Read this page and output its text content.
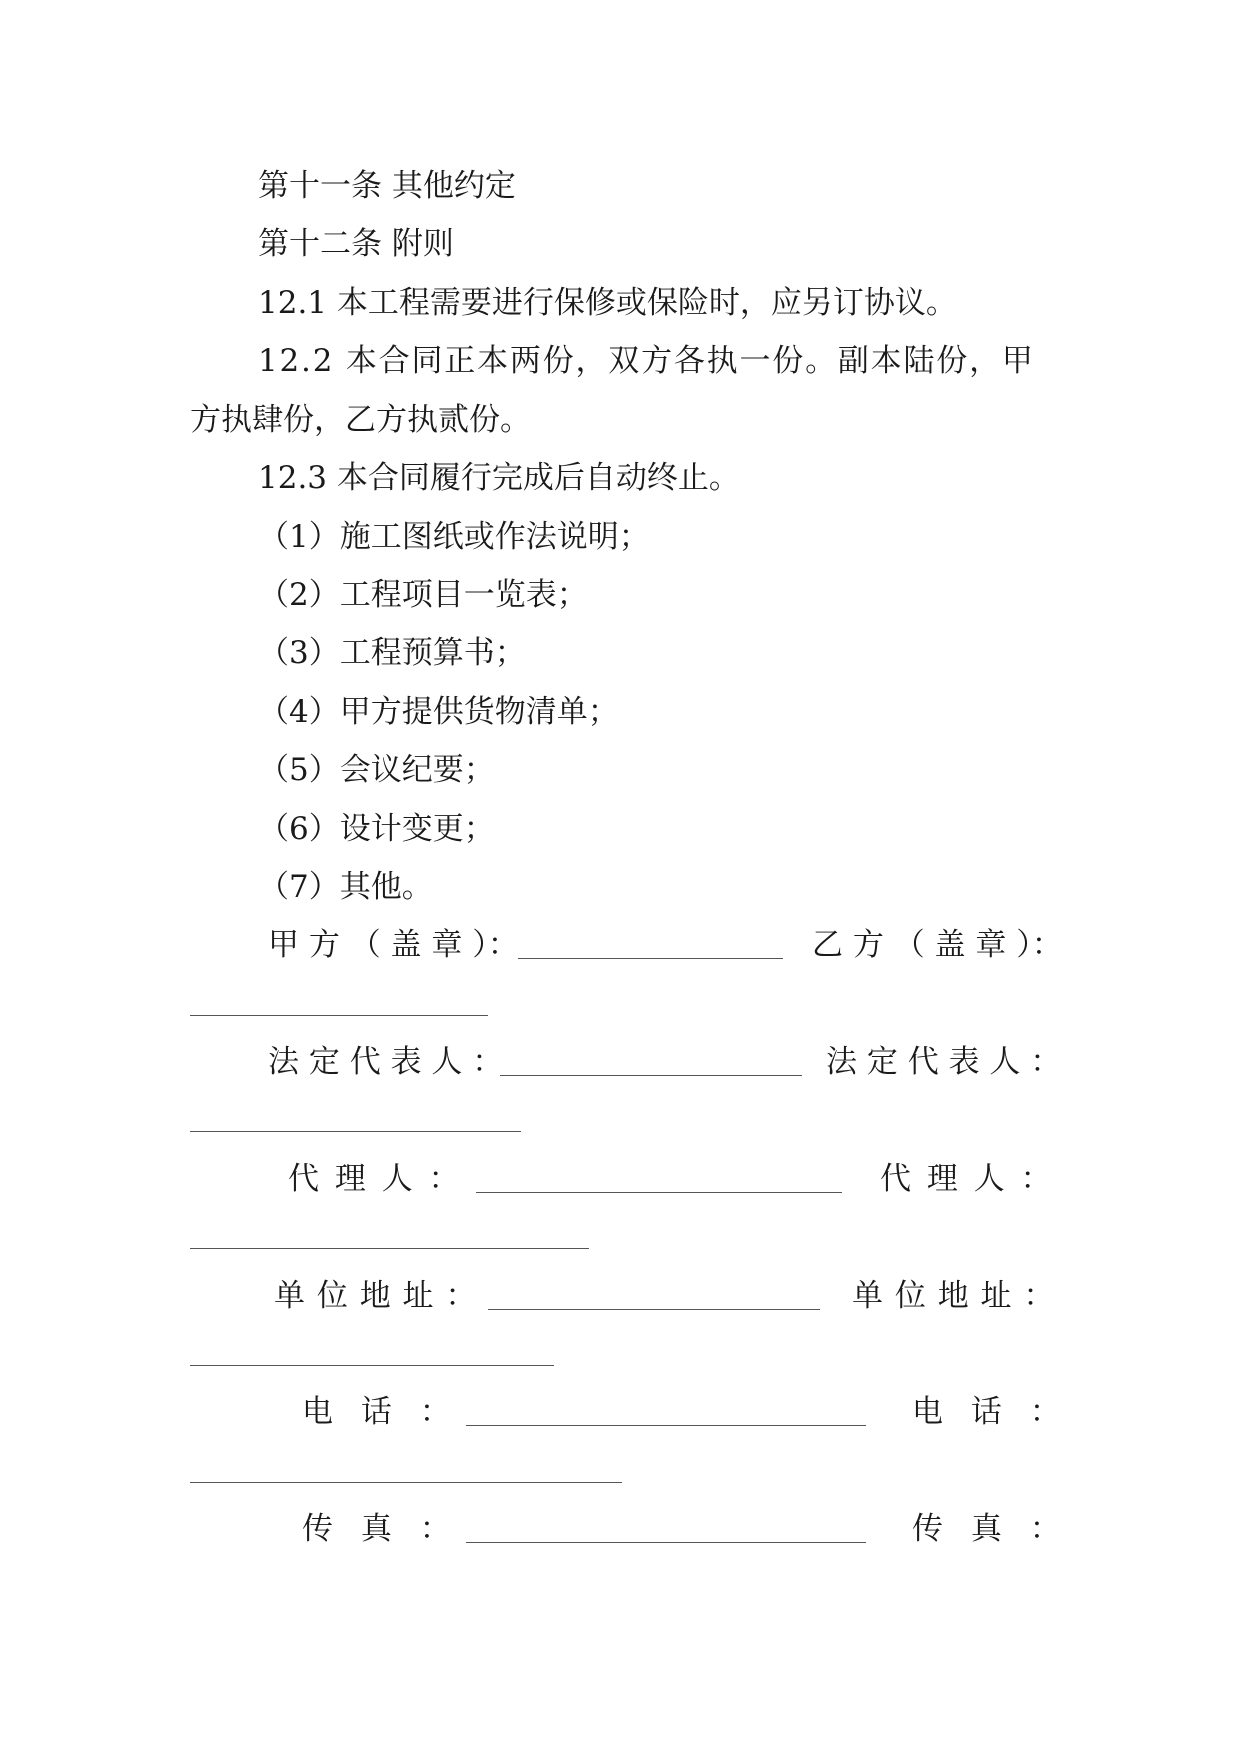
第十一条 其他约定
第十二条 附则
12.1 本工程需要进行保修或保险时，应另订协议。
12.2 本合同正本两份，双方各执一份。副本陆份，甲
方执肆份，乙方执贰份。
12.3 本合同履行完成后自动终止。
（1）施工图纸或作法说明；
（2）工程项目一览表；
（3）工程预算书；
（4）甲方提供货物清单；
（5）会议纪要；
（6）设计变更；
（7）其他。
甲 方 （ 盖 章 ）：	乙 方 （ 盖 章 ）：
法 定 代 表 人 ：	法 定 代 表 人 ：
代 理 人 ：	代 理 人 ：
单 位 地 址 ：	单 位 地 址 ：
电 话 ：	电 话 ：
传 真 ：	传 真 ：
